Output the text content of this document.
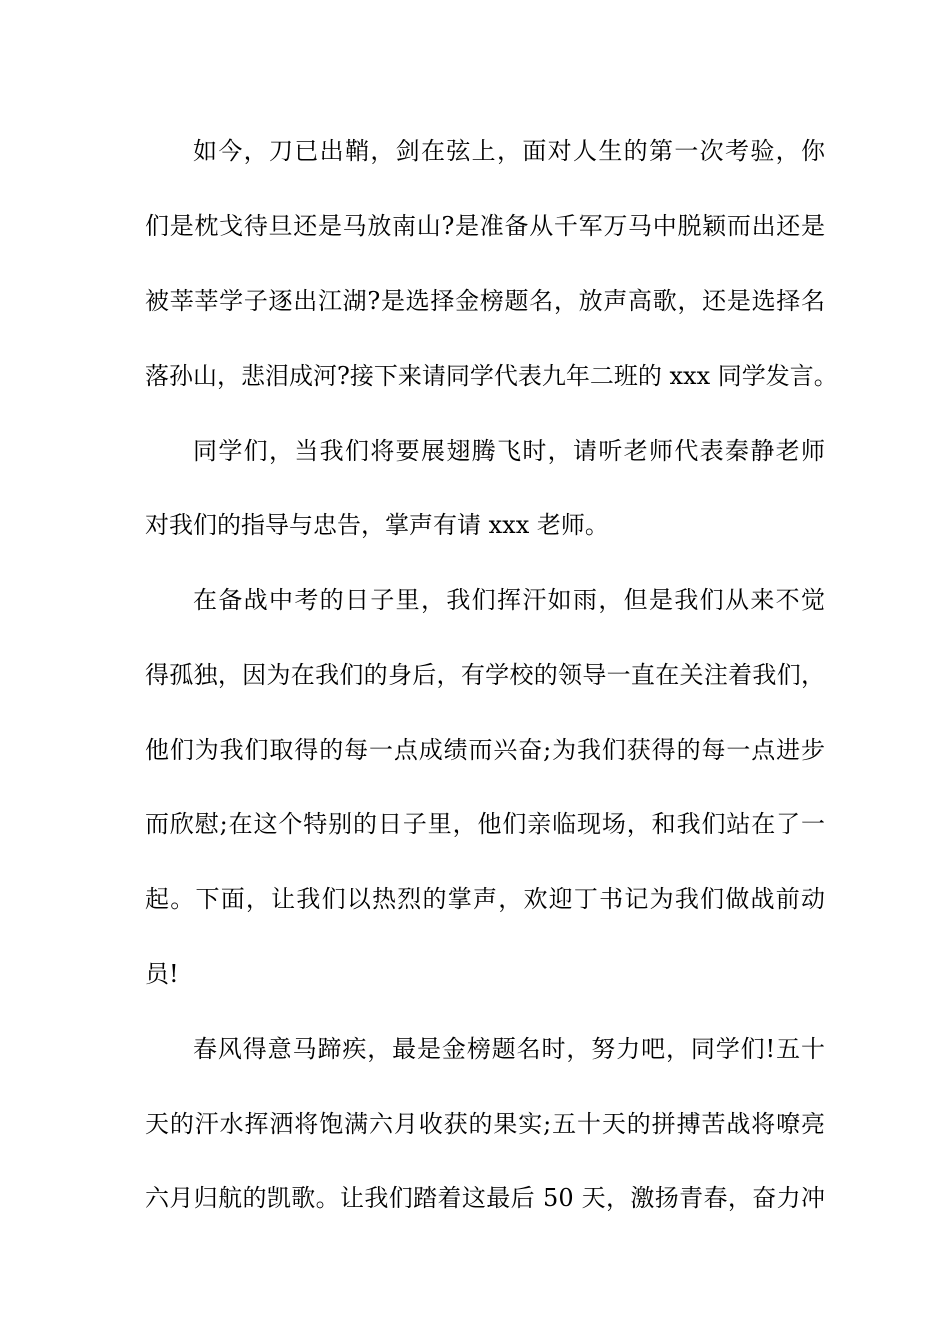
如今，刀已出鞘，剑在弦上，面对人生的第一次考验，你
们是枕戈待旦还是马放南山?是准备从千军万马中脱颖而出还是
被莘莘学子逐出江湖?是选择金榜题名，放声高歌，还是选择名
落孙山，悲泪成河?接下来请同学代表九年二班的 xxx 同学发言。
同学们，当我们将要展翅腾飞时，请听老师代表秦静老师
对我们的指导与忠告，掌声有请 xxx 老师。
在备战中考的日子里，我们挥汗如雨，但是我们从来不觉
得孤独，因为在我们的身后，有学校的领导一直在关注着我们，
他们为我们取得的每一点成绩而兴奋;为我们获得的每一点进步
而欣慰;在这个特别的日子里，他们亲临现场，和我们站在了一
起。下面，让我们以热烈的掌声，欢迎丁书记为我们做战前动
员!
春风得意马蹄疾，最是金榜题名时，努力吧，同学们!五十
天的汗水挥洒将饱满六月收获的果实;五十天的拼搏苦战将嘹亮
六月归航的凯歌。让我们踏着这最后 50 天，激扬青春，奋力冲
